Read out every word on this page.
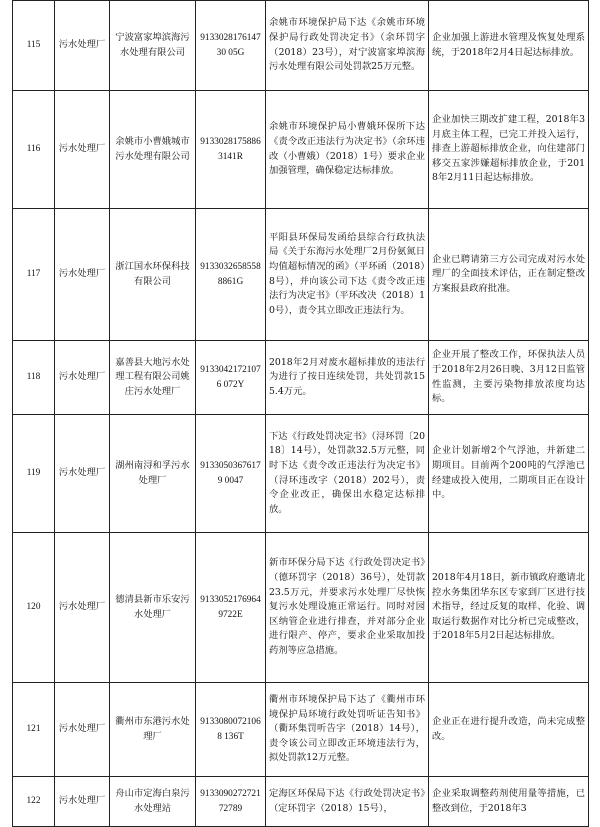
115	污水处理厂	宁波富家埠滨海污水处理有限公司	913302817614730 05G	余姚市环境保护局下达《余姚市环境保护局行政处罚决定书》（余环罚字（2018）23号），对宁波富家埠滨海污水处理有限公司处罚款25万元整。	企业加强上游进水管理及恢复处理系统，于2018年2月4日起达标排放。
116	污水处理厂	余姚市小曹娥城市污水处理有限公司	9133028175886 3141R	余姚市环境保护局小曹娥环保所下达《责令改正违法行为决定书》（余环违改（小曹娥）（2018）1号）要求企业加强管理，确保稳定达标排放。	企业加快三期改扩建工程，2018年3月底主体工程，已完工并投入运行，排查上游超标排放企业，向住建部门移交五家涉嫌超标排放企业，于2018年2月11日起达标排放。
117	污水处理厂	浙江国水环保科技有限公司	9133032658558 8861G	平阳县环保局发函给县综合行政执法局《关于东海污水处理厂2月份氨氮日均值超标情况的函》（平环函（2018）8号），并向该公司下达《责令改正违法行为决定书》（平环改决（2018）10号），责令其立即改正违法行为。	企业已聘请第三方公司完成对污水处理厂的全面技术评估，正在制定整改方案报县政府批准。
118	污水处理厂	嘉善县大地污水处理工程有限公司姚庄污水处理厂	91330421721076 072Y	2018年2月对废水超标排放的违法行为进行了按日连续处罚，共处罚款155.4万元。	企业开展了整改工作，环保执法人员于2018年2月26日晚、3月12日监管性监测，主要污染物排放浓度均达标。
119	污水处理厂	湖州南浔和孚污水处理厂	91330503676179 0047	下达《行政处罚决定书》（浔环罚〔2018〕14号），处罚款32.5万元整，同时下达《责令改正违法行为决定书》（浔环违改字（2018）202号），责令企业改正，确保出水稳定达标排放。	企业计划新增2个气浮池，并新建二期项目。目前两个200吨的气浮池已经建成投入使用，二期项目正在设计中。
120	污水处理厂	德清县新市乐安污水处理厂	9133052176964 9722E	新市环保分局下达《行政处罚决定书》（德环罚字（2018）36号），处罚款23.5万元，并要求污水处理厂尽快恢复污水处理设施正常运行。同时对园区纳管企业进行排查，并对部分企业进行限产、停产，要求企业采取加投药剂等应急措施。	2018年4月18日，新市镇政府邀请北控水务集团华东区专家到厂区进行技术指导，经过反复的取样、化验、调取运行数据作对比分析已完成整改，于2018年5月2日起达标排放。
121	污水处理厂	衢州市东港污水处理厂	91330800721068 136T	衢州市环境保护局下达了《衢州市环境保护局环境行政处罚听证告知书》（衢环集罚听告字（2018）14号），责令该公司立即改正环境违法行为，拟处罚款12万元整。	企业正在进行提升改造，尚未完成整改。
122	污水处理厂	舟山市定海白泉污水处理站	9133090272721 72789	定海区环保局下达《行政处罚决定书》（定环罚字（2018）15号），	企业采取调整药剂使用量等措施，已整改到位，于2018年3
